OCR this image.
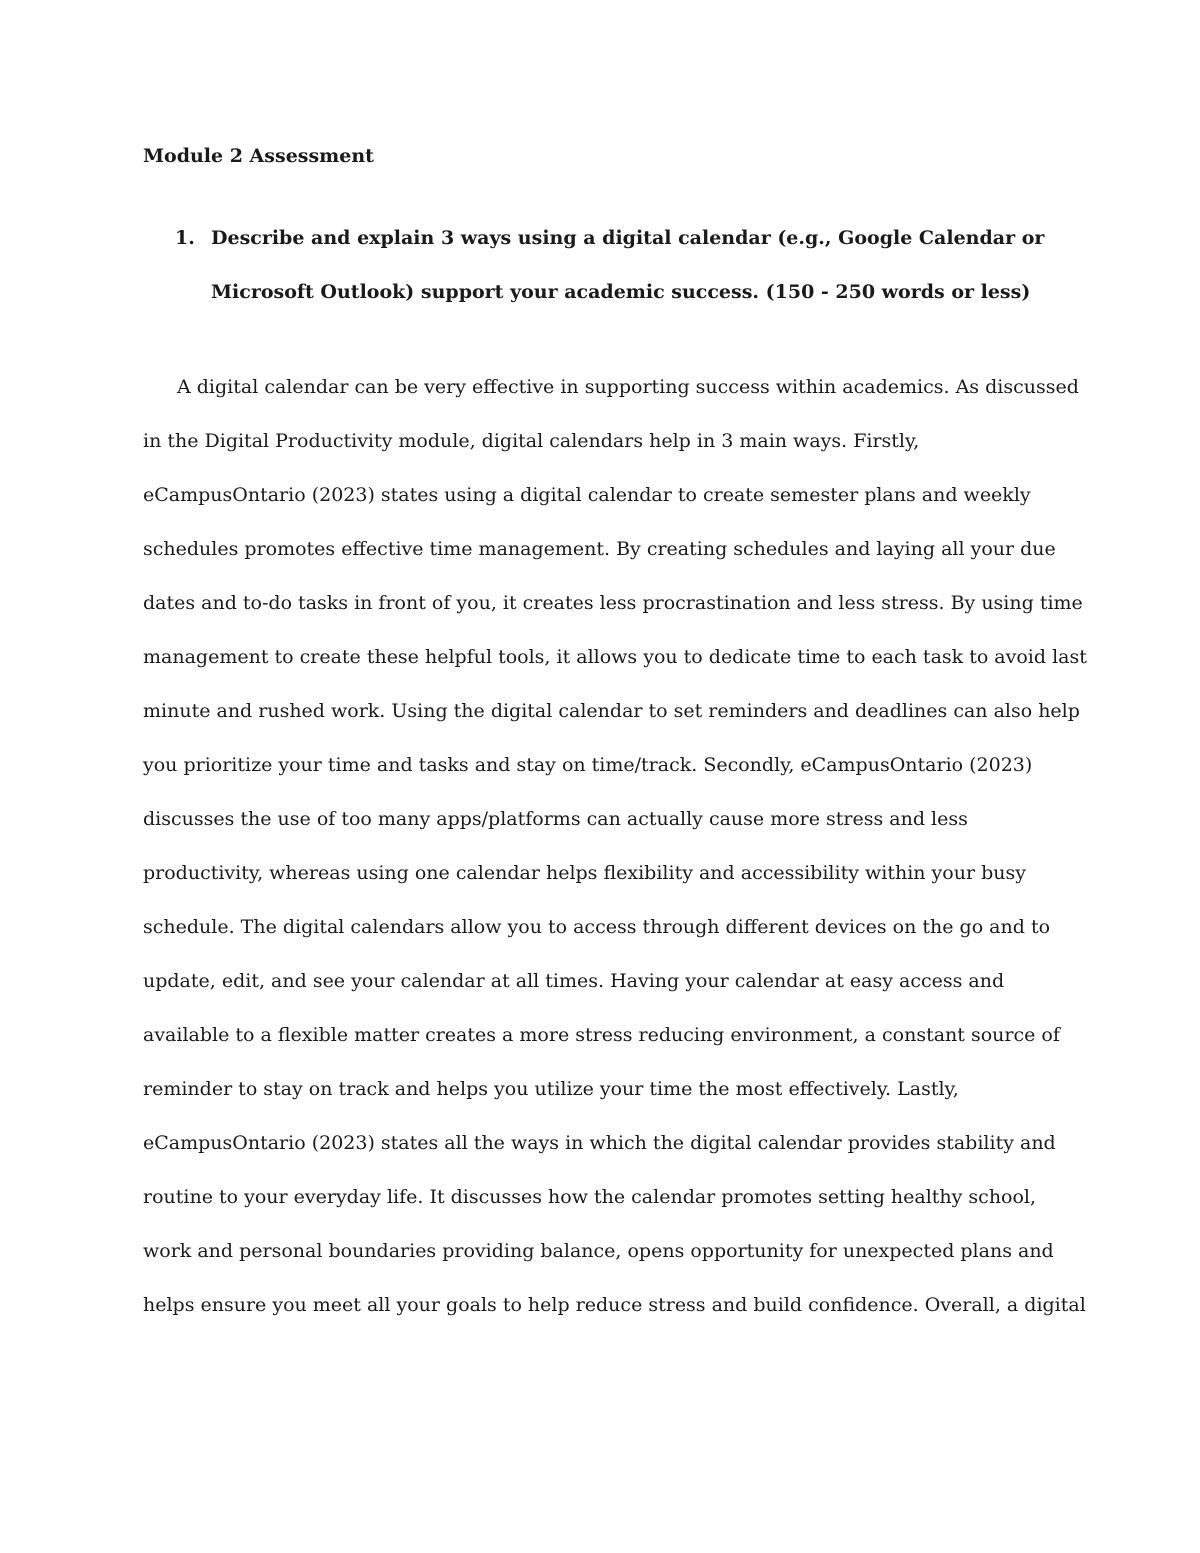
Module 2 Assessment
1. Describe and explain 3 ways using a digital calendar (e.g., Google Calendar or
Microsoft Outlook) support your academic success. (150 - 250 words or less)
A digital calendar can be very effective in supporting success within academics. As discussed
in the Digital Productivity module, digital calendars help in 3 main ways. Firstly,
eCampusOntario (2023) states using a digital calendar to create semester plans and weekly
schedules promotes effective time management. By creating schedules and laying all your due
dates and to-do tasks in front of you, it creates less procrastination and less stress. By using time
management to create these helpful tools, it allows you to dedicate time to each task to avoid last
minute and rushed work. Using the digital calendar to set reminders and deadlines can also help
you prioritize your time and tasks and stay on time/track. Secondly, eCampusOntario (2023)
discusses the use of too many apps/platforms can actually cause more stress and less
productivity, whereas using one calendar helps flexibility and accessibility within your busy
schedule. The digital calendars allow you to access through different devices on the go and to
update, edit, and see your calendar at all times. Having your calendar at easy access and
available to a flexible matter creates a more stress reducing environment, a constant source of
reminder to stay on track and helps you utilize your time the most effectively. Lastly,
eCampusOntario (2023) states all the ways in which the digital calendar provides stability and
routine to your everyday life. It discusses how the calendar promotes setting healthy school,
work and personal boundaries providing balance, opens opportunity for unexpected plans and
helps ensure you meet all your goals to help reduce stress and build confidence. Overall, a digital
